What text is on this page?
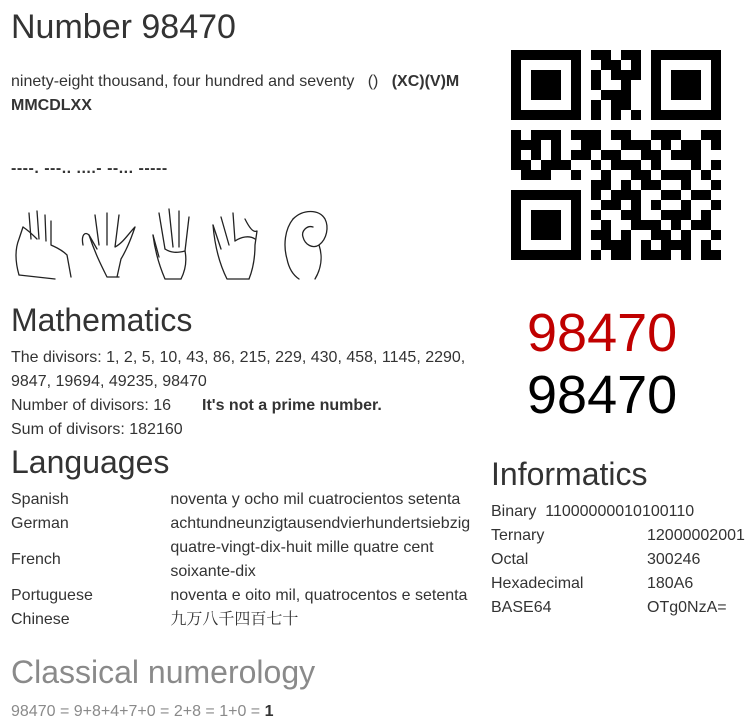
Number 98470
ninety-eight thousand, four hundred and seventy () (XC)(V)M MMCDLXX
----. ---.. ....- --... -----
98470
98470
Mathematics
The divisors: 1, 2, 5, 10, 43, 86, 215, 229, 430, 458, 1145, 2290, 9847, 19694, 49235, 98470
Number of divisors: 16 It's not a prime number.
Sum of divisors: 182160
Languages
Spanish	noventa y ocho mil cuatrocientos setenta
German	achtundneunzigtausendvierhundertsiebzig
French	quatre-vingt-dix-huit mille quatre cent soixante-dix
Portuguese	noventa e oito mil, quatrocentos e setenta
Chinese	九万八千四百七十
Informatics
Binary 11000000010100110
Ternary	12000002001
Octal	300246
Hexadecimal	180A6
BASE64	OTg0NzA=
Classical numerology
98470 = 9+8+4+7+0 = 2+8 = 1+0 = 1
